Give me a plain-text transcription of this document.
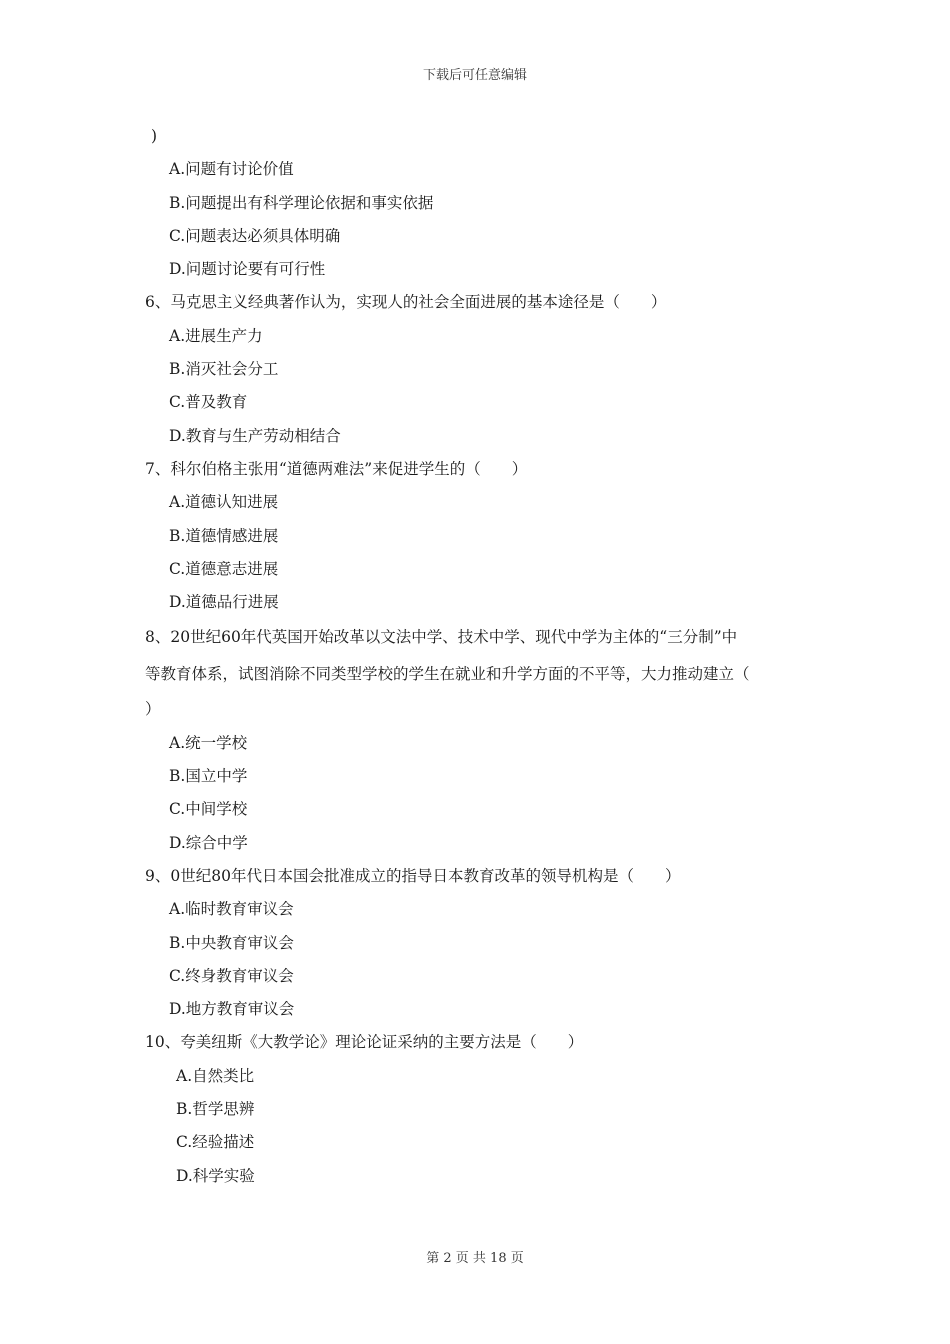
下载后可任意编辑
)
A.问题有讨论价值
B.问题提出有科学理论依据和事实依据
C.问题表达必须具体明确
D.问题讨论要有可行性
6、马克思主义经典著作认为，实现人的社会全面进展的基本途径是（　　）
A.进展生产力
B.消灭社会分工
C.普及教育
D.教育与生产劳动相结合
7、科尔伯格主张用“道德两难法”来促进学生的（　　）
A.道德认知进展
B.道德情感进展
C.道德意志进展
D.道德品行进展
8、20世纪60年代英国开始改革以文法中学、技术中学、现代中学为主体的“三分制”中
等教育体系，试图消除不同类型学校的学生在就业和升学方面的不平等，大力推动建立（
）
A.统一学校
B.国立中学
C.中间学校
D.综合中学
9、0世纪80年代日本国会批准成立的指导日本教育改革的领导机构是（　　）
A.临时教育审议会
B.中央教育审议会
C.终身教育审议会
D.地方教育审议会
10、夸美纽斯《大教学论》理论论证采纳的主要方法是（　　）
A.自然类比
B.哲学思辨
C.经验描述
D.科学实验
第 2 页 共 18 页
